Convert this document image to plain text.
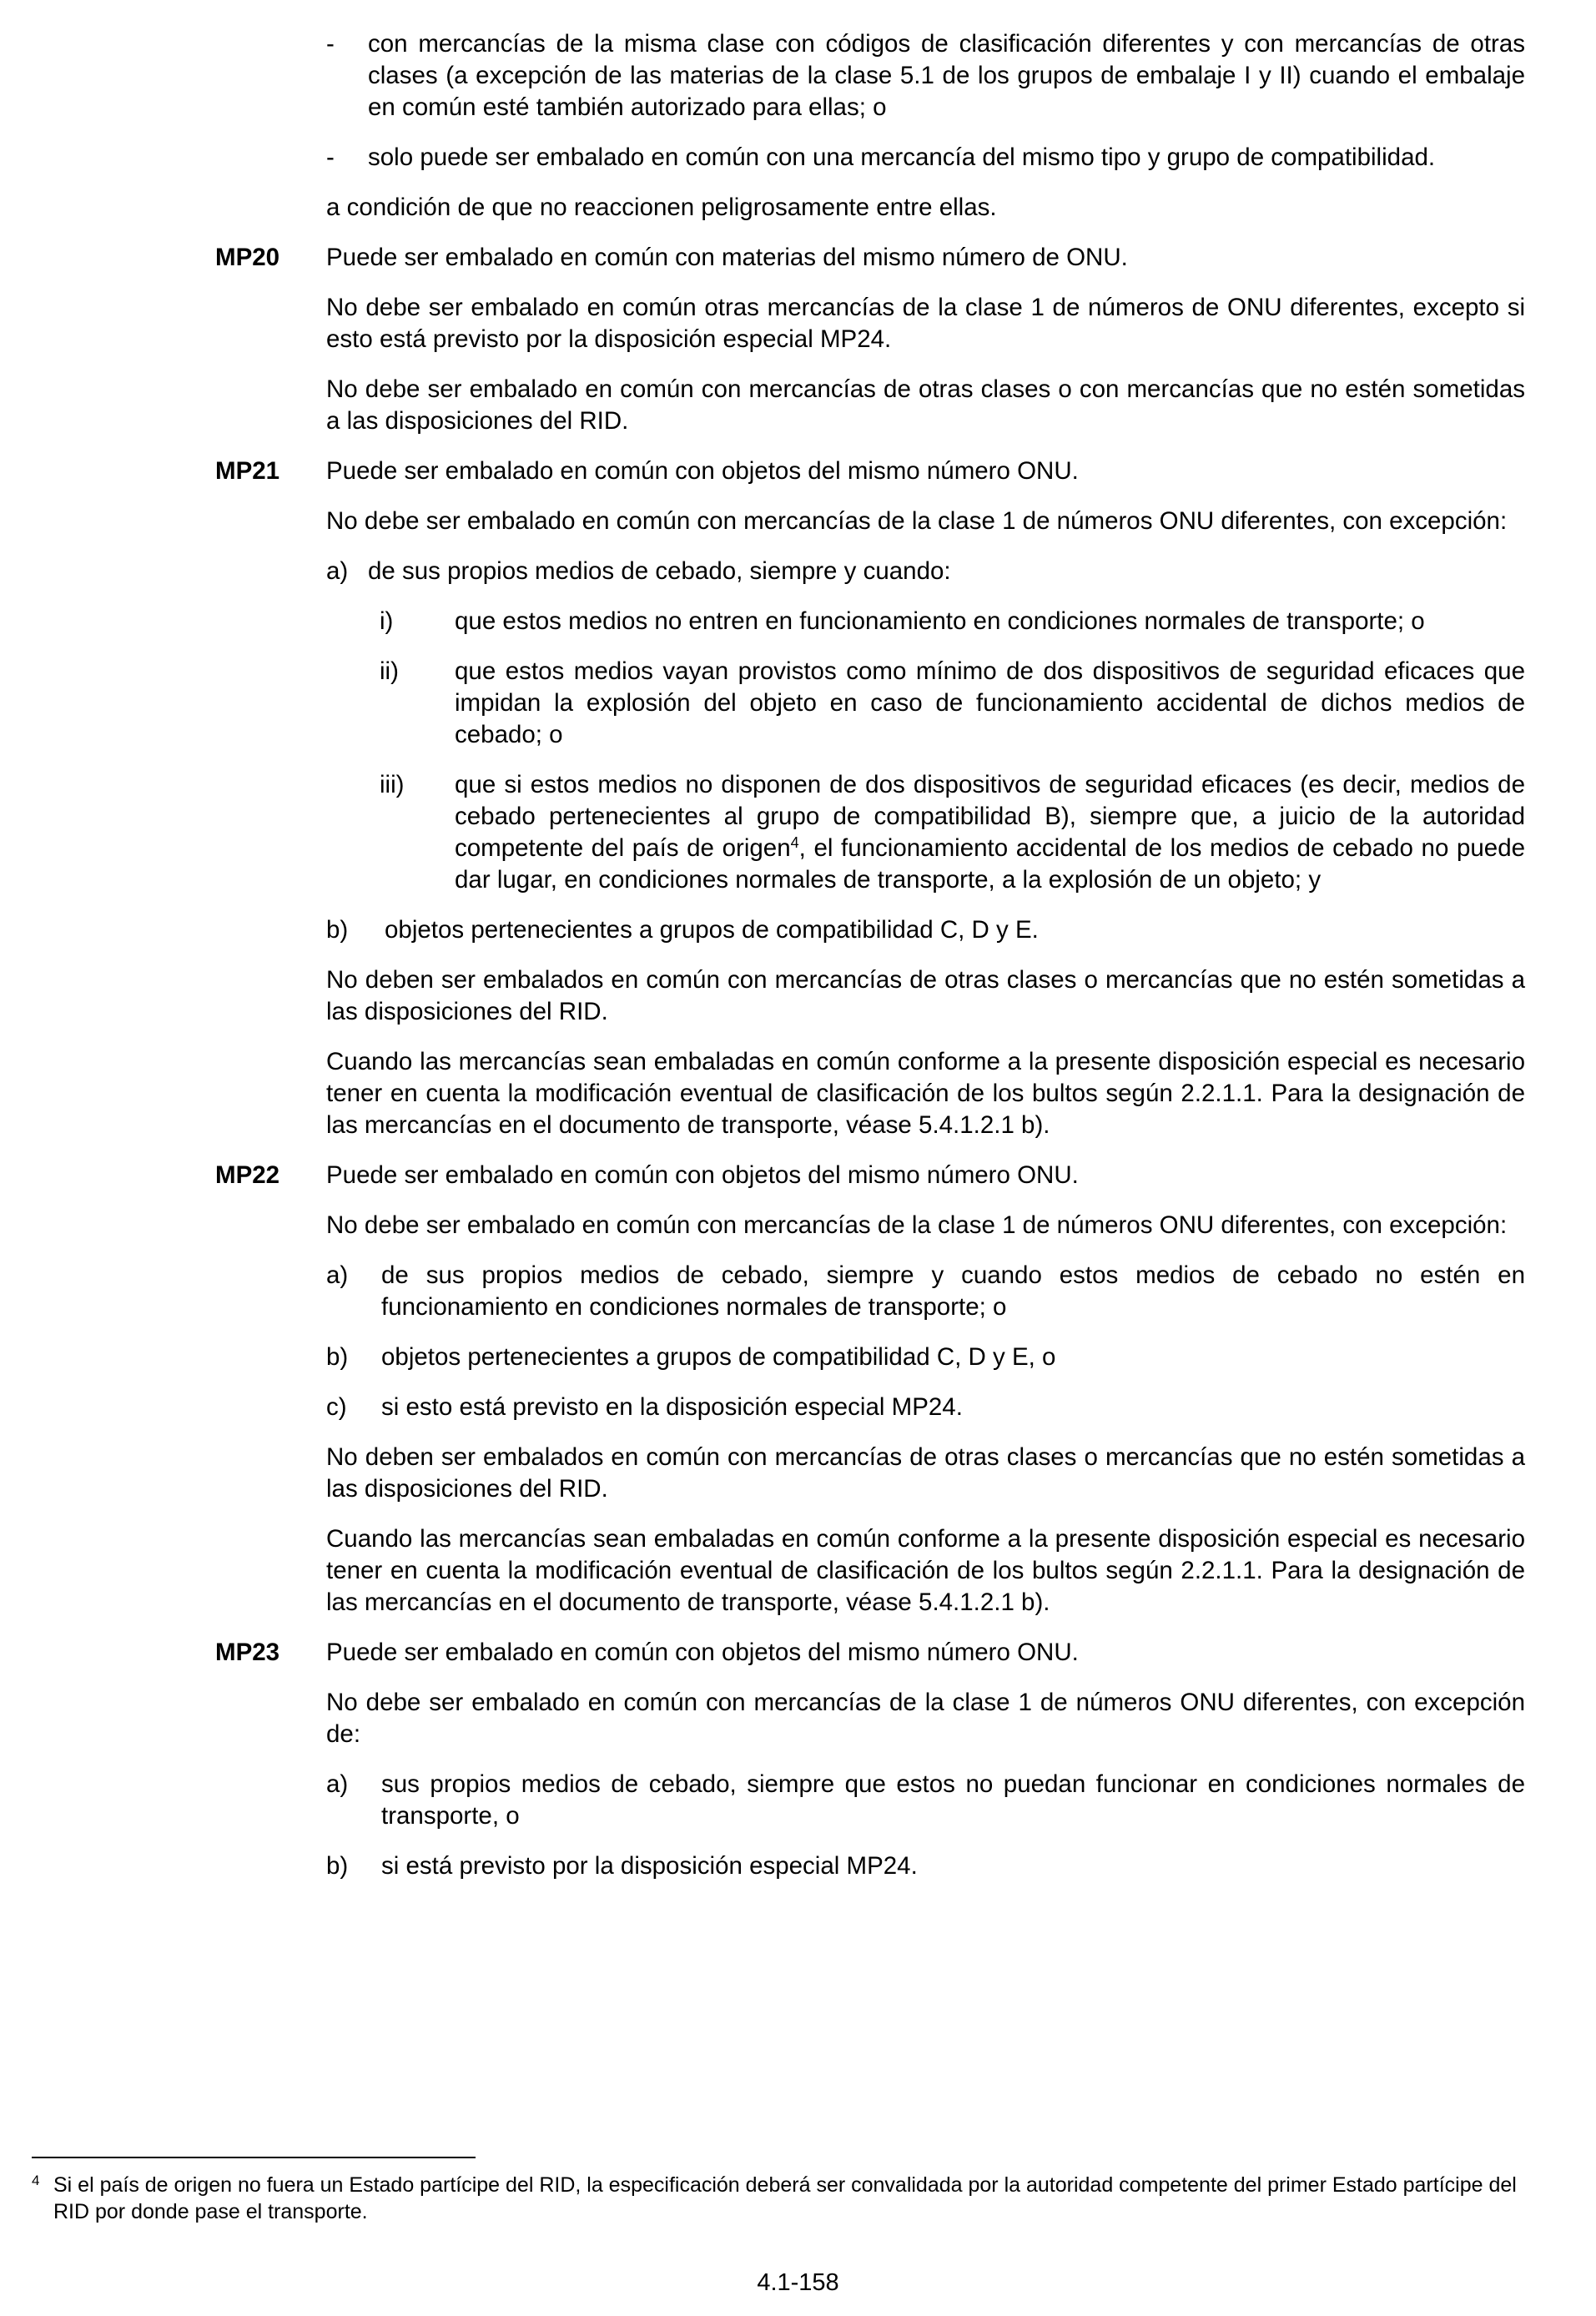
-	con mercancías de la misma clase con códigos de clasificación diferentes y con mercancías de otras clases (a excepción de las materias de la clase 5.1 de los grupos de embalaje I y II) cuando el embalaje en común esté también autorizado para ellas; o
-	solo puede ser embalado en común con una mercancía del mismo tipo y grupo de compatibilidad.
a condición de que no reaccionen peligrosamente entre ellas.
MP20	Puede ser embalado en común con materias del mismo número de ONU.
No debe ser embalado en común otras mercancías de la clase 1 de números de ONU diferentes, excepto si esto está previsto por la disposición especial MP24.
No debe ser embalado en común con mercancías de otras clases o con mercancías que no estén sometidas a las disposiciones del RID.
MP21	Puede ser embalado en común con objetos del mismo número ONU.
No debe ser embalado en común con mercancías de la clase 1 de números ONU diferentes, con excepción:
a) de sus propios medios de cebado, siempre y cuando:
i)	que estos medios no entren en funcionamiento en condiciones normales de transporte; o
ii)	que estos medios vayan provistos como mínimo de dos dispositivos de seguridad eficaces que impidan la explosión del objeto en caso de funcionamiento accidental de dichos medios de cebado; o
iii)	que si estos medios no disponen de dos dispositivos de seguridad eficaces (es decir, medios de cebado pertenecientes al grupo de compatibilidad B), siempre que, a juicio de la autoridad competente del país de origen$^4$, el funcionamiento accidental de los medios de cebado no puede dar lugar, en condiciones normales de transporte, a la explosión de un objeto; y
b)	objetos pertenecientes a grupos de compatibilidad C, D y E.
No deben ser embalados en común con mercancías de otras clases o mercancías que no estén sometidas a las disposiciones del RID.
Cuando las mercancías sean embaladas en común conforme a la presente disposición especial es necesario tener en cuenta la modificación eventual de clasificación de los bultos según 2.2.1.1. Para la designación de las mercancías en el documento de transporte, véase 5.4.1.2.1 b).
MP22	Puede ser embalado en común con objetos del mismo número ONU.
No debe ser embalado en común con mercancías de la clase 1 de números ONU diferentes, con excepción:
a)	de sus propios medios de cebado, siempre y cuando estos medios de cebado no estén en funcionamiento en condiciones normales de transporte; o
b)	objetos pertenecientes a grupos de compatibilidad C, D y E, o
c)	si esto está previsto en la disposición especial MP24.
No deben ser embalados en común con mercancías de otras clases o mercancías que no estén sometidas a las disposiciones del RID.
Cuando las mercancías sean embaladas en común conforme a la presente disposición especial es necesario tener en cuenta la modificación eventual de clasificación de los bultos según 2.2.1.1. Para la designación de las mercancías en el documento de transporte, véase 5.4.1.2.1 b).
MP23	Puede ser embalado en común con objetos del mismo número ONU.
No debe ser embalado en común con mercancías de la clase 1 de números ONU diferentes, con excepción de:
a)	sus propios medios de cebado, siempre que estos no puedan funcionar en condiciones normales de transporte, o
b)	si está previsto por la disposición especial MP24.
4 Si el país de origen no fuera un Estado partícipe del RID, la especificación deberá ser convalidada por la autoridad competente del primer Estado partícipe del RID por donde pase el transporte.
4.1-158
